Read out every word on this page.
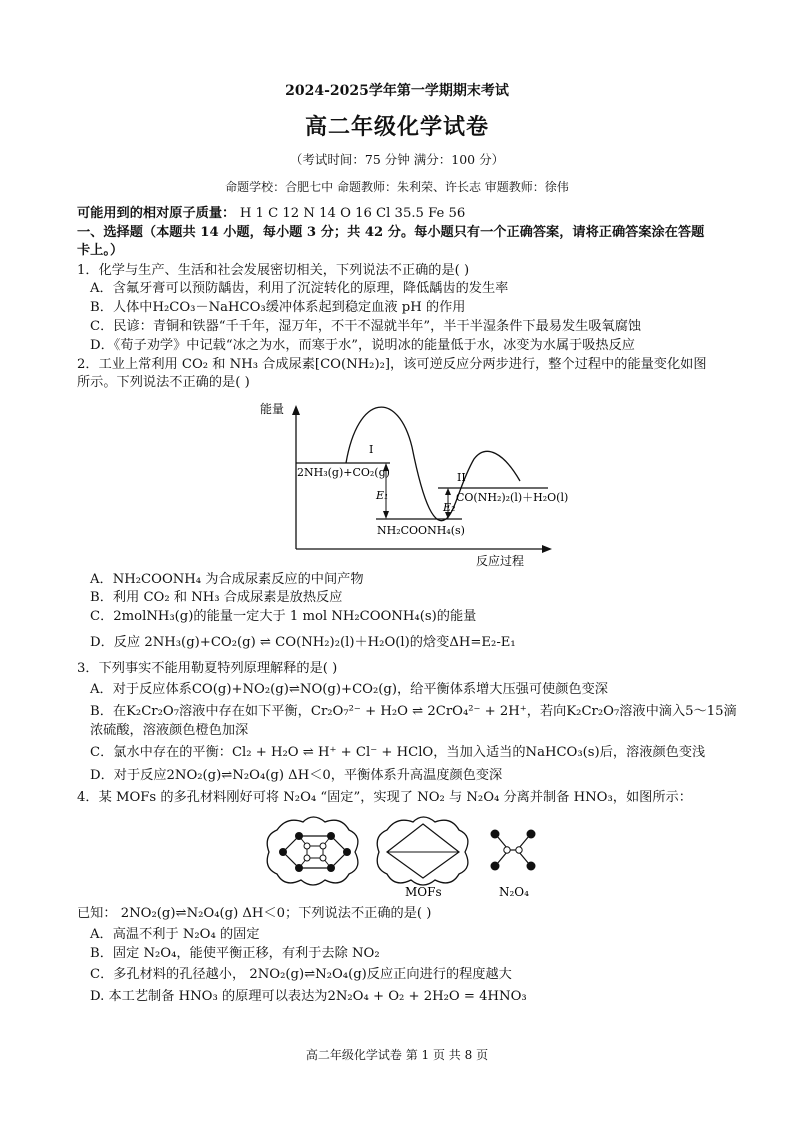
2024-2025学年第一学期期末考试
高二年级化学试卷
（考试时间：75 分钟 满分：100 分）
命题学校：合肥七中 命题教师：朱利荣、许长志 审题教师：徐伟
可能用到的相对原子质量： H 1 C 12 N 14 O 16 Cl 35.5 Fe 56
一、选择题（本题共 14 小题，每小题 3 分；共 42 分。每小题只有一个正确答案，请将正确答案涂在答题
卡上。）
1．化学与生产、生活和社会发展密切相关，下列说法不正确的是( )
A．含氟牙膏可以预防龋齿，利用了沉淀转化的原理，降低龋齿的发生率
B．人体中H₂CO₃－NaHCO₃缓冲体系起到稳定血液 pH 的作用
C．民谚：青铜和铁器“千千年，湿万年，不干不湿就半年”，半干半湿条件下最易发生吸氧腐蚀
D．《荀子劝学》中记载“冰之为水，而寒于水”，说明冰的能量低于水，冰变为水属于吸热反应
2．工业上常利用 CO₂ 和 NH₃ 合成尿素[CO(NH₂)₂]，该可逆反应分两步进行，整个过程中的能量变化如图
所示。下列说法不正确的是( )
能量
反应过程
E₁
E₂
I
II
2NH₃(g)+CO₂(g)
NH₂COONH₄(s)
CO(NH₂)₂(l)＋H₂O(l)
A．NH₂COONH₄ 为合成尿素反应的中间产物
B．利用 CO₂ 和 NH₃ 合成尿素是放热反应
C．2molNH₃(g)的能量一定大于 1 mol NH₂COONH₄(s)的能量
D．反应 2NH₃(g)+CO₂(g) ⇌ CO(NH₂)₂(l)＋H₂O(l)的焓变ΔH=E₂-E₁
3．下列事实不能用勒夏特列原理解释的是( )
A．对于反应体系CO(g)+NO₂(g)⇌NO(g)+CO₂(g)，给平衡体系增大压强可使颜色变深
B．在K₂Cr₂O₇溶液中存在如下平衡，Cr₂O₇²⁻ + H₂O ⇌ 2CrO₄²⁻ + 2H⁺，若向K₂Cr₂O₇溶液中滴入5～15滴
浓硫酸，溶液颜色橙色加深
C．氯水中存在的平衡：Cl₂ + H₂O ⇌ H⁺ + Cl⁻ + HClO，当加入适当的NaHCO₃(s)后，溶液颜色变浅
D．对于反应2NO₂(g)⇌N₂O₄(g) ΔH＜0，平衡体系升高温度颜色变深
4．某 MOFs 的多孔材料刚好可将 N₂O₄ “固定”，实现了 NO₂ 与 N₂O₄ 分离并制备 HNO₃，如图所示：
MOFs	N₂O₄
已知： 2NO₂(g)⇌N₂O₄(g) ΔH＜0；下列说法不正确的是( )
A．高温不利于 N₂O₄ 的固定
B．固定 N₂O₄，能使平衡正移，有利于去除 NO₂
C．多孔材料的孔径越小， 2NO₂(g)⇌N₂O₄(g)反应正向进行的程度越大
D. 本工艺制备 HNO₃ 的原理可以表达为2N₂O₄ + O₂ + 2H₂O = 4HNO₃
高二年级化学试卷 第 1 页 共 8 页
